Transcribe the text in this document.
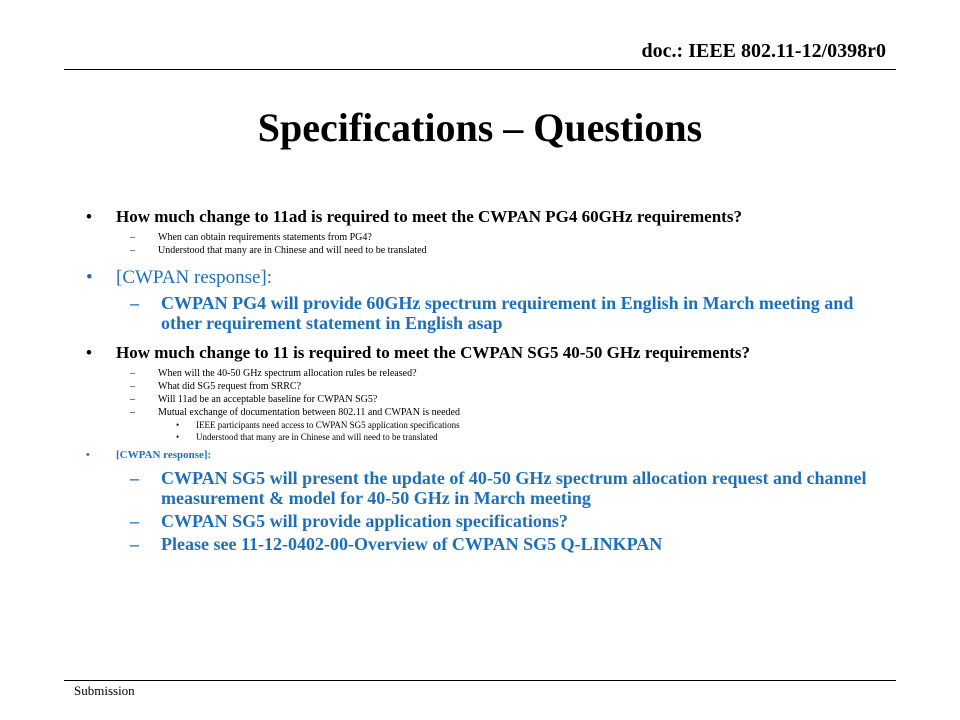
doc.: IEEE 802.11-12/0398r0
Specifications – Questions
• How much change to 11ad is required to meet the CWPAN PG4 60GHz requirements?
– When can obtain requirements statements from PG4?
– Understood that many are in Chinese and will need to be translated
• [CWPAN response]:
– CWPAN PG4 will provide 60GHz spectrum requirement in English in March meeting and other requirement statement in English asap
• How much change to 11 is required to meet the CWPAN SG5 40-50 GHz requirements?
– When will the 40-50 GHz spectrum allocation rules be released?
– What did SG5 request from SRRC?
– Will 11ad be an acceptable baseline for CWPAN SG5?
– Mutual exchange of documentation between 802.11 and CWPAN is needed
• IEEE participants need access to CWPAN SG5 application specifications
• Understood that many are in Chinese and will need to be translated
• [CWPAN response]:
– CWPAN SG5 will present the update of 40-50 GHz spectrum allocation request and channel measurement & model for 40-50 GHz in March meeting
– CWPAN SG5 will provide application specifications?
– Please see 11-12-0402-00-Overview of CWPAN SG5 Q-LINKPAN
Submission
